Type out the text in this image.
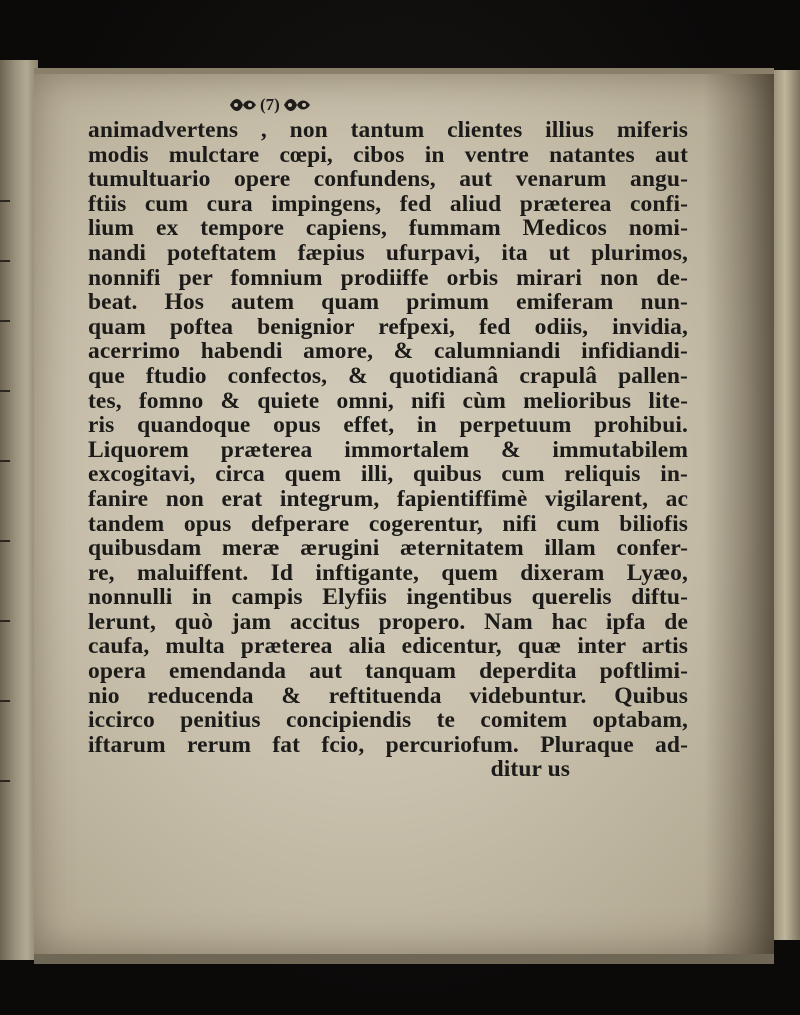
(7)
animadvertens , non tantum clientes illius miferis
modis mulctare cœpi, cibos in ventre natantes aut
tumultuario opere confundens, aut venarum angu-
ftiis cum cura impingens, fed aliud præterea confi-
lium ex tempore capiens, fummam Medicos nomi-
nandi poteftatem fæpius ufurpavi, ita ut plurimos,
nonnifi per fomnium prodiiffe orbis mirari non de-
beat. Hos autem quam primum emiferam nun-
quam poftea benignior refpexi, fed odiis, invidia,
acerrimo habendi amore, & calumniandi infidiandi-
que ftudio confectos, & quotidianâ crapulâ pallen-
tes, fomno & quiete omni, nifi cùm melioribus lite-
ris quandoque opus effet, in perpetuum prohibui.
Liquorem præterea immortalem & immutabilem
excogitavi, circa quem illi, quibus cum reliquis in-
fanire non erat integrum, fapientiffimè vigilarent, ac
tandem opus defperare cogerentur, nifi cum biliofis
quibusdam meræ ærugini æternitatem illam confer-
re, maluiffent. Id inftigante, quem dixeram Lyæo,
nonnulli in campis Elyfiis ingentibus querelis diftu-
lerunt, quò jam accitus propero. Nam hac ipfa de
caufa, multa præterea alia edicentur, quæ inter artis
opera emendanda aut tanquam deperdita poftlimi-
nio reducenda & reftituenda videbuntur. Quibus
iccirco penitius concipiendis te comitem optabam,
iftarum rerum fat fcio, percuriofum. Pluraque ad-
ditur us
